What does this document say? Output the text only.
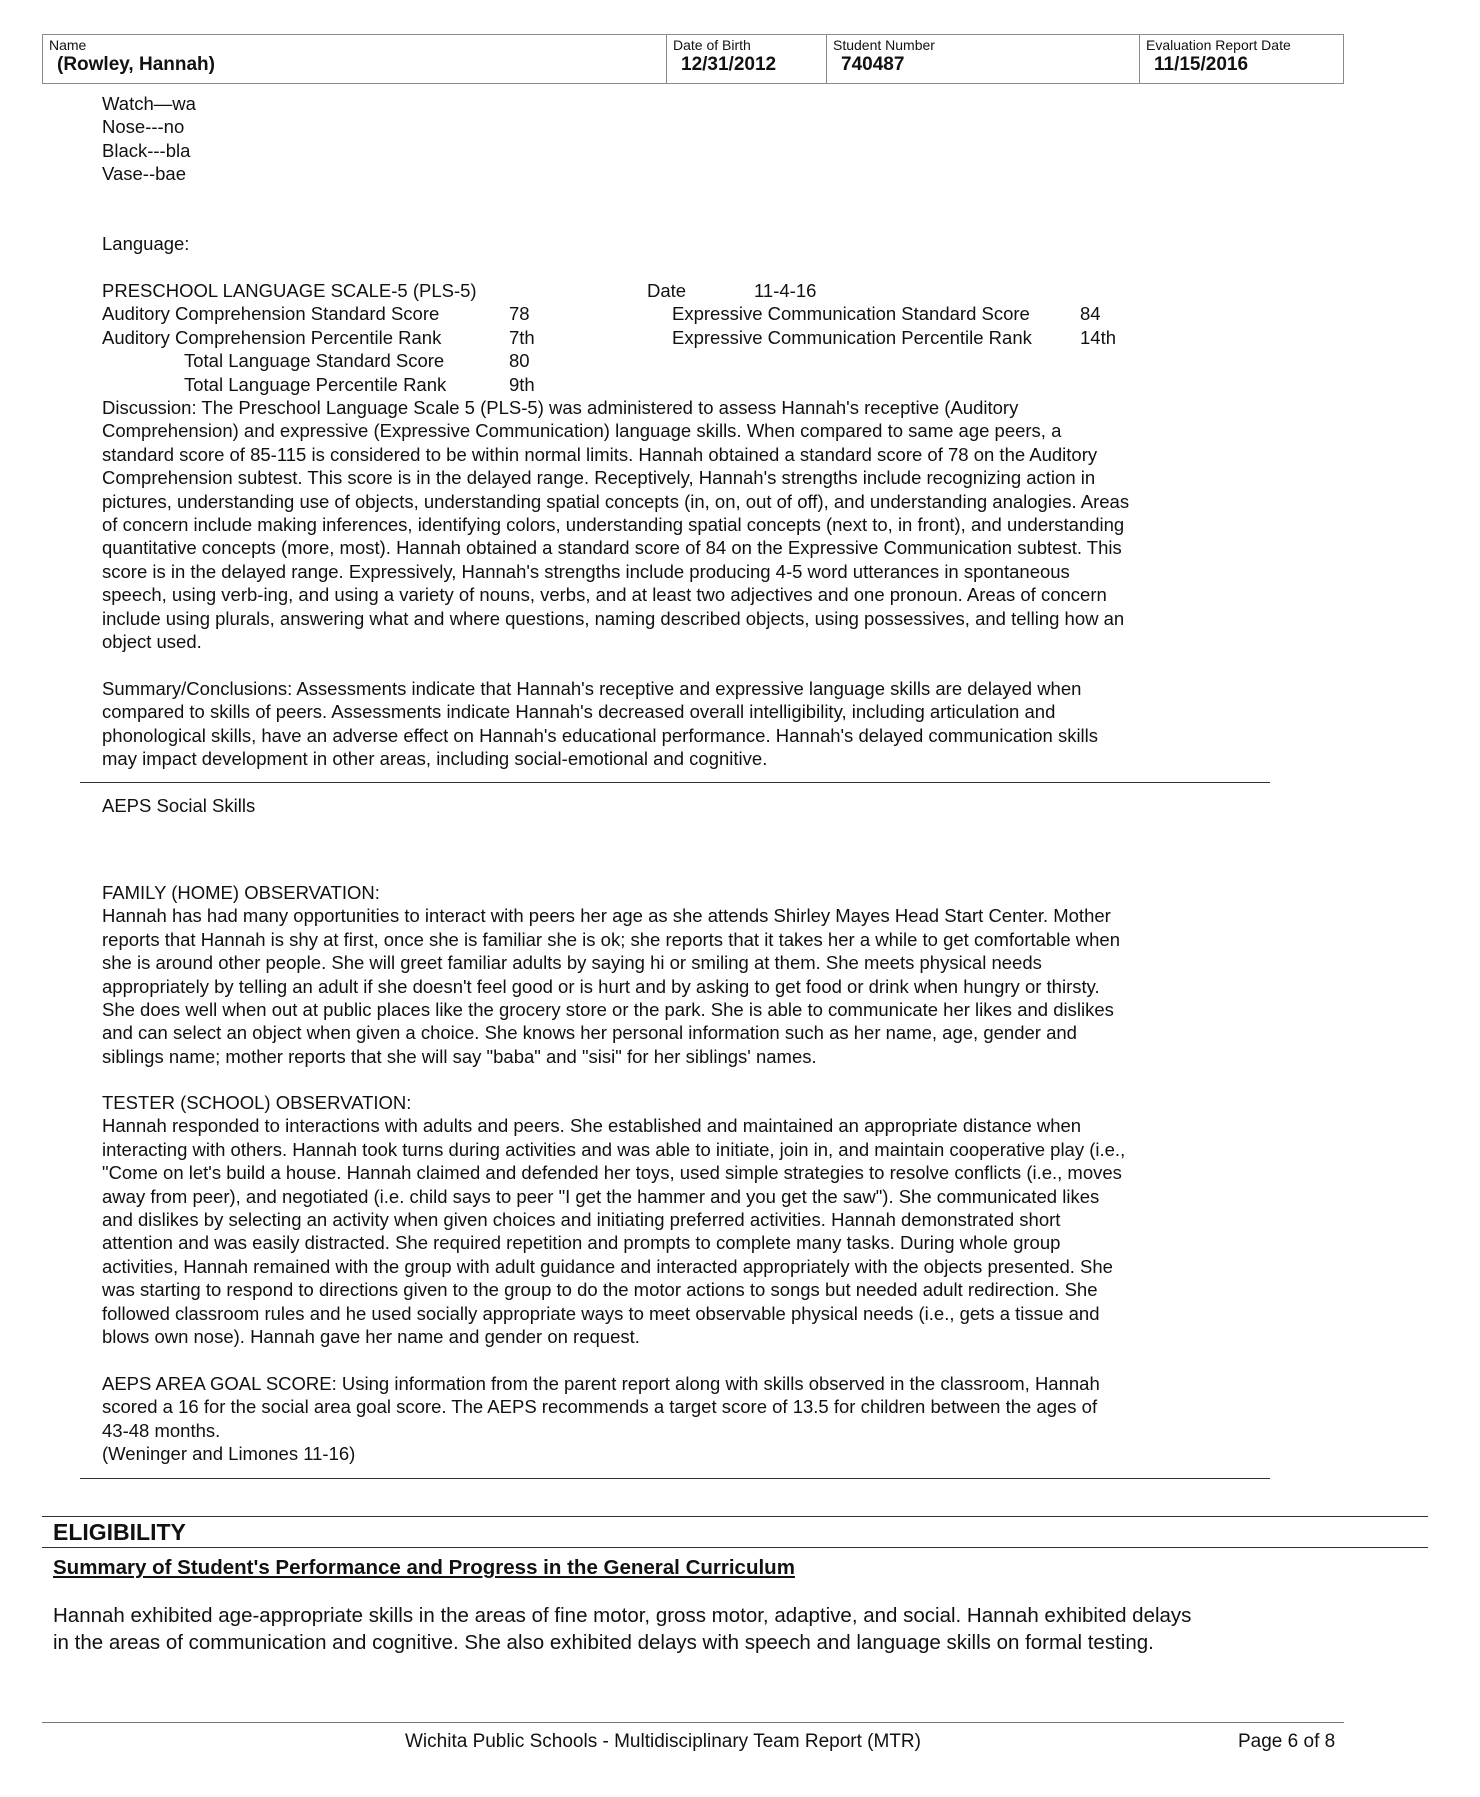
Name
(Rowley, Hannah)
Date of Birth
12/31/2012
Student Number
740487
Evaluation Report Date
11/15/2016
Watch—wa
Nose---no
Black---bla
Vase--bae
Language:
PRESCHOOL LANGUAGE SCALE-5 (PLS-5)	Date	11-4-16
Auditory Comprehension Standard Score	78	Expressive Communication Standard Score	84
Auditory Comprehension Percentile Rank	7th	Expressive Communication Percentile Rank	14th
Total Language Standard Score	80
Total Language Percentile Rank	9th
Discussion: The Preschool Language Scale 5 (PLS-5) was administered to assess Hannah's receptive (Auditory
Comprehension) and expressive (Expressive Communication) language skills. When compared to same age peers, a
standard score of 85-115 is considered to be within normal limits. Hannah obtained a standard score of 78 on the Auditory
Comprehension subtest. This score is in the delayed range. Receptively, Hannah's strengths include recognizing action in
pictures, understanding use of objects, understanding spatial concepts (in, on, out of off), and understanding analogies. Areas
of concern include making inferences, identifying colors, understanding spatial concepts (next to, in front), and understanding
quantitative concepts (more, most). Hannah obtained a standard score of 84 on the Expressive Communication subtest. This
score is in the delayed range. Expressively, Hannah's strengths include producing 4-5 word utterances in spontaneous
speech, using verb-ing, and using a variety of nouns, verbs, and at least two adjectives and one pronoun. Areas of concern
include using plurals, answering what and where questions, naming described objects, using possessives, and telling how an
object used.
Summary/Conclusions: Assessments indicate that Hannah's receptive and expressive language skills are delayed when
compared to skills of peers. Assessments indicate Hannah's decreased overall intelligibility, including articulation and
phonological skills, have an adverse effect on Hannah's educational performance. Hannah's delayed communication skills
may impact development in other areas, including social-emotional and cognitive.
AEPS Social Skills
FAMILY (HOME) OBSERVATION:
Hannah has had many opportunities to interact with peers her age as she attends Shirley Mayes Head Start Center. Mother
reports that Hannah is shy at first, once she is familiar she is ok; she reports that it takes her a while to get comfortable when
she is around other people. She will greet familiar adults by saying hi or smiling at them. She meets physical needs
appropriately by telling an adult if she doesn't feel good or is hurt and by asking to get food or drink when hungry or thirsty.
She does well when out at public places like the grocery store or the park. She is able to communicate her likes and dislikes
and can select an object when given a choice. She knows her personal information such as her name, age, gender and
siblings name; mother reports that she will say "baba" and "sisi" for her siblings' names.
TESTER (SCHOOL) OBSERVATION:
Hannah responded to interactions with adults and peers. She established and maintained an appropriate distance when
interacting with others. Hannah took turns during activities and was able to initiate, join in, and maintain cooperative play (i.e.,
"Come on let's build a house. Hannah claimed and defended her toys, used simple strategies to resolve conflicts (i.e., moves
away from peer), and negotiated (i.e. child says to peer "I get the hammer and you get the saw"). She communicated likes
and dislikes by selecting an activity when given choices and initiating preferred activities. Hannah demonstrated short
attention and was easily distracted. She required repetition and prompts to complete many tasks. During whole group
activities, Hannah remained with the group with adult guidance and interacted appropriately with the objects presented. She
was starting to respond to directions given to the group to do the motor actions to songs but needed adult redirection. She
followed classroom rules and he used socially appropriate ways to meet observable physical needs (i.e., gets a tissue and
blows own nose). Hannah gave her name and gender on request.
AEPS AREA GOAL SCORE: Using information from the parent report along with skills observed in the classroom, Hannah
scored a 16 for the social area goal score. The AEPS recommends a target score of 13.5 for children between the ages of
43-48 months.
(Weninger and Limones 11-16)
ELIGIBILITY
Summary of Student's Performance and Progress in the General Curriculum
Hannah exhibited age-appropriate skills in the areas of fine motor, gross motor, adaptive, and social. Hannah exhibited delays
in the areas of communication and cognitive. She also exhibited delays with speech and language skills on formal testing.
Wichita Public Schools - Multidisciplinary Team Report (MTR)	Page 6 of 8
